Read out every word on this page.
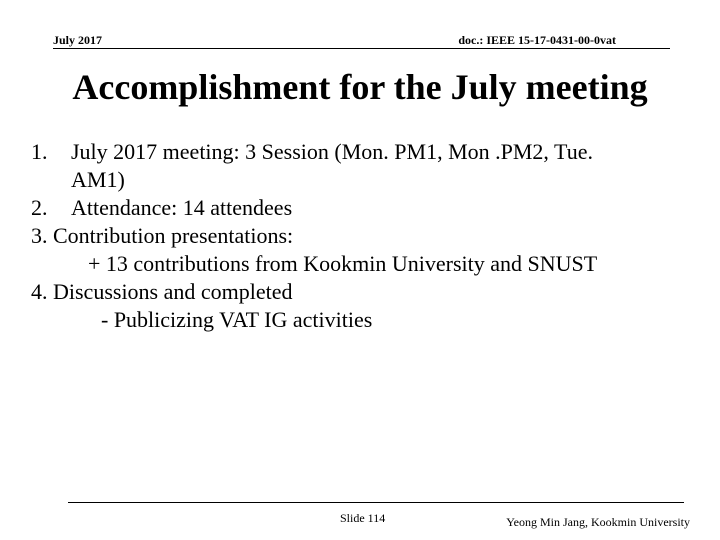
July 2017	doc.: IEEE 15-17-0431-00-0vat
Accomplishment for the July meeting
1. July 2017 meeting: 3 Session (Mon. PM1, Mon .PM2, Tue.
AM1)
2. Attendance: 14 attendees
3. Contribution presentations:
+ 13 contributions from Kookmin University and SNUST
4. Discussions and completed
- Publicizing VAT IG activities
Slide 114	Yeong Min Jang, Kookmin University
